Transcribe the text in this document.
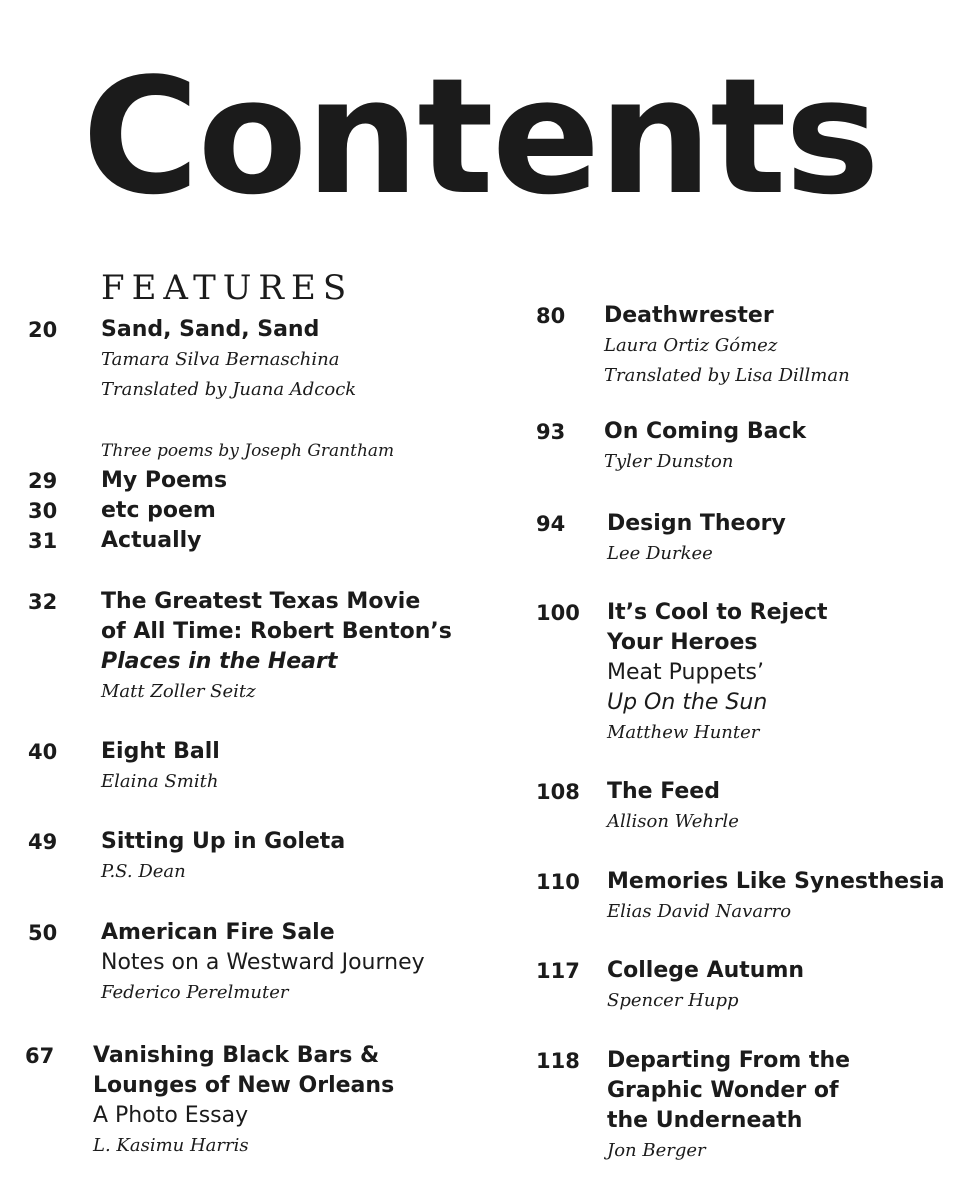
Contents
FEATURES
20 Sand, Sand, Sand
Tamara Silva Bernaschina
Translated by Juana Adcock
Three poems by Joseph Grantham
29 My Poems
30 etc poem
31 Actually
32 The Greatest Texas Movie
of All Time: Robert Benton’s
Places in the Heart
Matt Zoller Seitz
40 Eight Ball
Elaina Smith
49 Sitting Up in Goleta
P.S. Dean
50 American Fire Sale
Notes on a Westward Journey
Federico Perelmuter
67 Vanishing Black Bars &
Lounges of New Orleans
A Photo Essay
L. Kasimu Harris
80 Deathwrester
Laura Ortiz Gómez
Translated by Lisa Dillman
93 On Coming Back
Tyler Dunston
94 Design Theory
Lee Durkee
100 It’s Cool to Reject
Your Heroes
Meat Puppets’
Up On the Sun
Matthew Hunter
108 The Feed
Allison Wehrle
110 Memories Like Synesthesia
Elias David Navarro
117 College Autumn
Spencer Hupp
118 Departing From the
Graphic Wonder of
the Underneath
Jon Berger
